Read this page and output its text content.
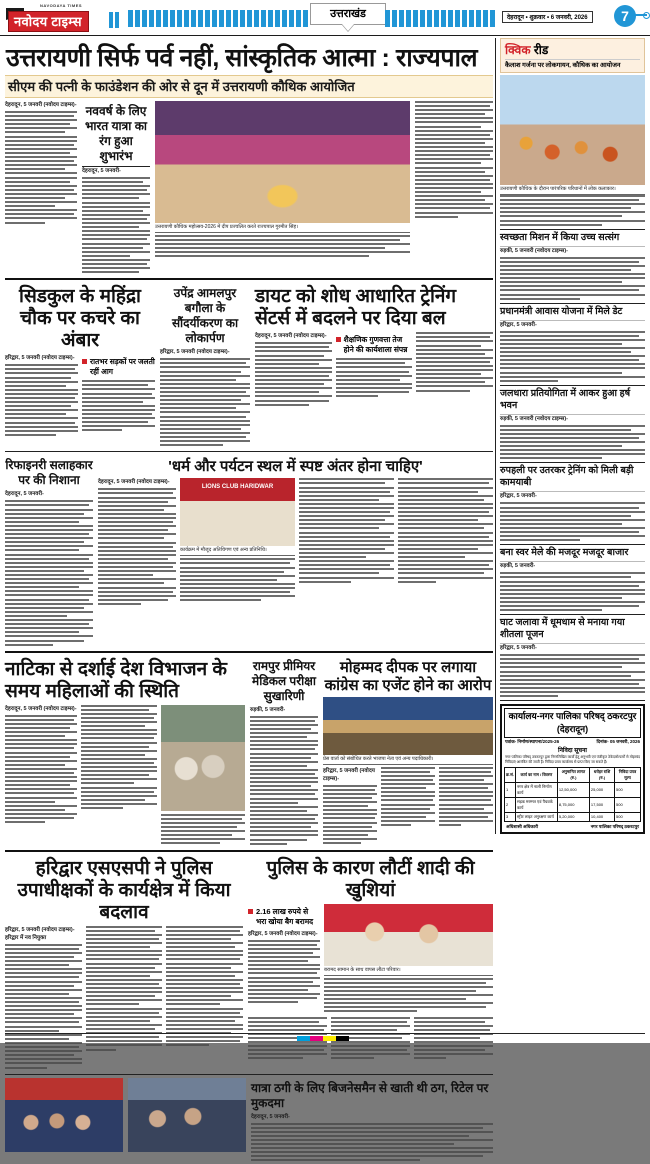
NAVODAYA TIMES
नवोदय टाइम्स	उत्तराखंड	देहरादून • शुक्रवार • 6 जनवरी, 2026	7
क्विक रीड
कैलाश गर्जना पर लोकगायन, कौथिक का आयोजन
उत्तरायणी कौथिक के दौरान पारंपरिक परिधानों में लोक कलाकार।
स्वच्छता मिशन में किया उच्च सत्संग
रुड़की, 5 जनवरी (नवोदय टाइम्स)-
प्रधानमंत्री आवास योजना में मिले डेट
हरिद्वार, 5 जनवरी-
जलधारा प्रतियोगिता में आकर हुआ हर्ष भवन
रुड़की, 5 जनवरी (नवोदय टाइम्स)-
रुपहली पर उतरकर ट्रेनिंग को मिली बड़ी कामयाबी
हरिद्वार, 5 जनवरी-
बना स्वर मेले की मजदूर मजदूर बाजार
रुड़की, 5 जनवरी-
घाट जलावा में धूमधाम से मनाया गया शीतला पूजन
हरिद्वार, 5 जनवरी-
कार्यालय-नगर पालिका परिषद् ठकरटपुर (देहरादून)
पत्रांक- निर्माण/स्थापना/2025-26	दिनांक- 05 जनवरी, 2026
निविदा सूचना
नगर पालिका परिषद् ठकरटपुर द्वारा निम्नलिखित कार्यों हेतु अनुभवी एवं पंजीकृत ठेकेदारों/फर्मों से मोहरबंद निविदाएं आमंत्रित की जाती हैं। निविदा प्रपत्र कार्यालय से प्राप्त किए जा सकते हैं।
क्र.सं.	कार्य का नाम / विवरण	अनुमानित लागत (रु.)	धरोहर राशि (रु.)	निविदा प्रपत्र मूल्य
1	नगर क्षेत्र में नाली निर्माण कार्य	12,50,000	25,000	500
2	सड़क मरम्मत एवं पैचवर्क कार्य	8,75,000	17,500	500
3	स्ट्रीट लाइट अनुरक्षण कार्य	5,20,000	10,400	500
अधिशासी अधिकारी	नगर पालिका परिषद् ठकरटपुर
उत्तरायणी सिर्फ पर्व नहीं, सांस्कृतिक आत्मा : राज्यपाल
सीएम की पत्नी के फाउंडेशन की ओर से दून में उत्तरायणी कौथिक आयोजित
देहरादून, 5 जनवरी (नवोदय टाइम्स)- नववर्ष के लिए भारत यात्रा का रंग हुआ शुभारंभ
देहरादून, 5 जनवरी-
उत्तरायणी कौथिक महोत्सव-2026 में दीप प्रज्वलित करते राज्यपाल गुरमीत सिंह।
सिडकुल के महिंद्रा चौक पर कचरे का अंबार
हरिद्वार, 5 जनवरी (नवोदय टाइम्स)-	रातभर सड़कों पर जलती रहीं आग
उपेंद्र आमलपुर बगौला के सौंदर्यीकरण का लोकार्पण
हरिद्वार, 5 जनवरी (नवोदय टाइम्स)-
डायट को शोध आधारित ट्रेनिंग सेंटर्स में बदलने पर दिया बल
देहरादून, 5 जनवरी (नवोदय टाइम्स)-	शैक्षणिक गुणवत्ता तेज होने की कार्यशाला संपन्न
रिफाइनरी सलाहकार पर की निशाना
देहरादून, 5 जनवरी-
'धर्म और पर्यटन स्थल में स्पष्ट अंतर होना चाहिए'
देहरादून, 5 जनवरी (नवोदय टाइम्स)-
LIONS CLUB HARIDWAR
कार्यक्रम में मौजूद अतिथिगण एवं अन्य प्रतिनिधि।
नाटिका से दर्शाई देश विभाजन के समय महिलाओं की स्थिति
देहरादून, 5 जनवरी (नवोदय टाइम्स)-
रामपुर प्रीमियर मेडिकल परीक्षा सुखारिणी
रुड़की, 5 जनवरी-
मोहम्मद दीपक पर लगाया कांग्रेस का एजेंट होने का आरोप
प्रेस वार्ता को संबोधित करते भाजपा नेता एवं अन्य पदाधिकारी।
हरिद्वार, 5 जनवरी (नवोदय टाइम्स)-
हरिद्वार एसएसपी ने पुलिस उपाधीक्षकों के कार्यक्षेत्र में किया बदलाव
हरिद्वार, 5 जनवरी (नवोदय टाइम्स)- हरिद्वार में नव नियुक्त
पुलिस के कारण लौटीं शादी की खुशियां
2.16 लाख रुपये से भरा खोया बैग बरामद
हरिद्वार, 5 जनवरी (नवोदय टाइम्स)-
बरामद सामान के साथ वापस लौटा परिवार।
यात्रा ठगी के लिए बिजनेसमैन से खाती थी ठग, रिटेल पर मुकदमा
देहरादून, 5 जनवरी-
